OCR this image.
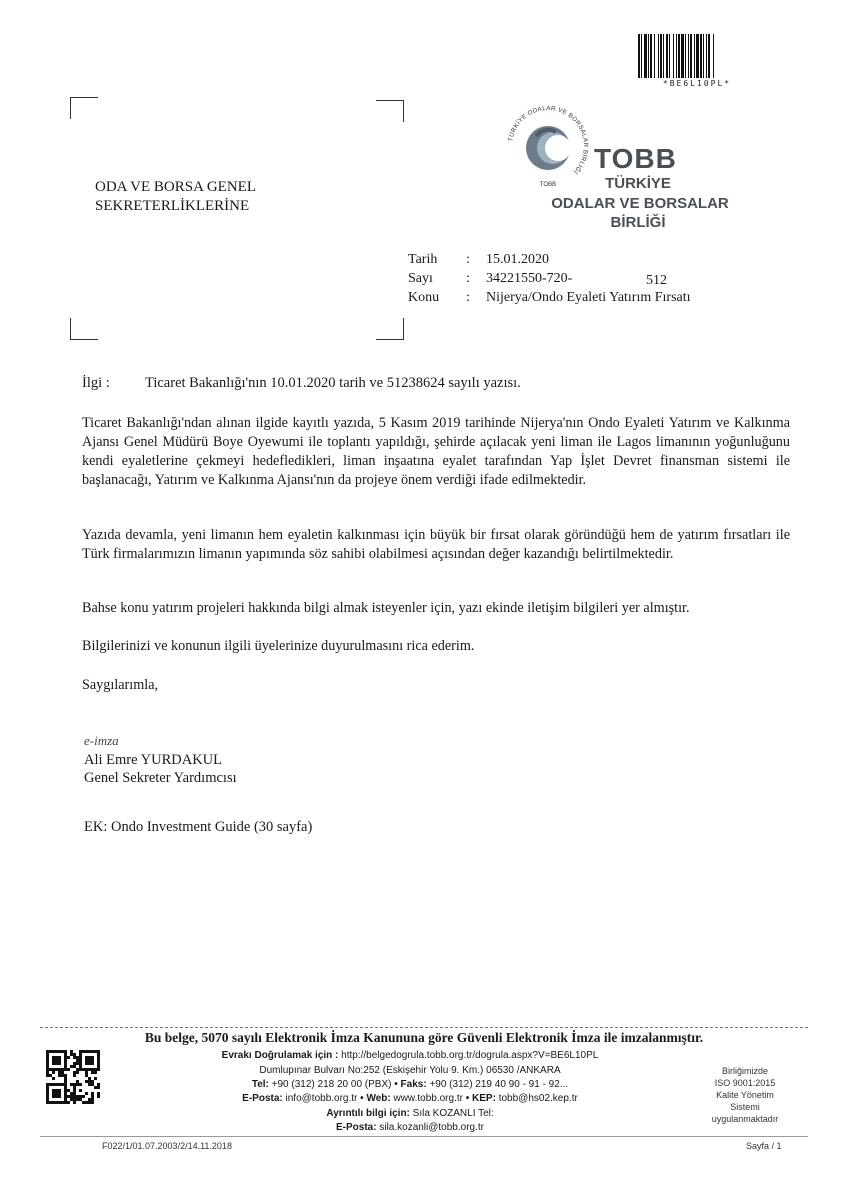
*BE6L10PL*
TÜRKİYE ODALAR VE BORSALAR BİRLİĞİ
TOBB
TOBB
TÜRKİYE
ODALAR VE BORSALAR
BİRLİĞİ
ODA VE BORSA GENEL
SEKRETERLİKLERİNE
Tarih : 15.01.2020
Sayı : 34221550-720-	512
Konu : Nijerya/Ondo Eyaleti Yatırım Fırsatı
İlgi : Ticaret Bakanlığı'nın 10.01.2020 tarih ve 51238624 sayılı yazısı.
Ticaret Bakanlığı'ndan alınan ilgide kayıtlı yazıda, 5 Kasım 2019 tarihinde Nijerya'nın Ondo Eyaleti Yatırım ve Kalkınma Ajansı Genel Müdürü Boye Oyewumi ile toplantı yapıldığı, şehirde açılacak yeni liman ile Lagos limanının yoğunluğunu kendi eyaletlerine çekmeyi hedefledikleri, liman inşaatına eyalet tarafından Yap İşlet Devret finansman sistemi ile başlanacağı, Yatırım ve Kalkınma Ajansı'nın da projeye önem verdiği ifade edilmektedir.
Yazıda devamla, yeni limanın hem eyaletin kalkınması için büyük bir fırsat olarak göründüğü hem de yatırım fırsatları ile Türk firmalarımızın limanın yapımında söz sahibi olabilmesi açısından değer kazandığı belirtilmektedir.
Bahse konu yatırım projeleri hakkında bilgi almak isteyenler için, yazı ekinde iletişim bilgileri yer almıştır.
Bilgilerinizi ve konunun ilgili üyelerinize duyurulmasını rica ederim.
Saygılarımla,
e-imza
Ali Emre YURDAKUL
Genel Sekreter Yardımcısı
EK: Ondo Investment Guide (30 sayfa)
Bu belge, 5070 sayılı Elektronik İmza Kanununa göre Güvenli Elektronik İmza ile imzalanmıştır.
Evrakı Doğrulamak için : http://belgedogrula.tobb.org.tr/dogrula.aspx?V=BE6L10PL
Dumlupınar Bulvarı No:252 (Eskişehir Yolu 9. Km.) 06530 /ANKARA
Tel: +90 (312) 218 20 00 (PBX) • Faks: +90 (312) 219 40 90 - 91 - 92...
E-Posta: info@tobb.org.tr • Web: www.tobb.org.tr • KEP: tobb@hs02.kep.tr
Ayrıntılı bilgi için: Sıla KOZANLI Tel:
E-Posta: sila.kozanli@tobb.org.tr
Birliğimizde
ISO 9001:2015
Kalite Yönetim
Sistemi
uygulanmaktadır
F022/1/01.07.2003/2/14.11.2018	Sayfa / 1
